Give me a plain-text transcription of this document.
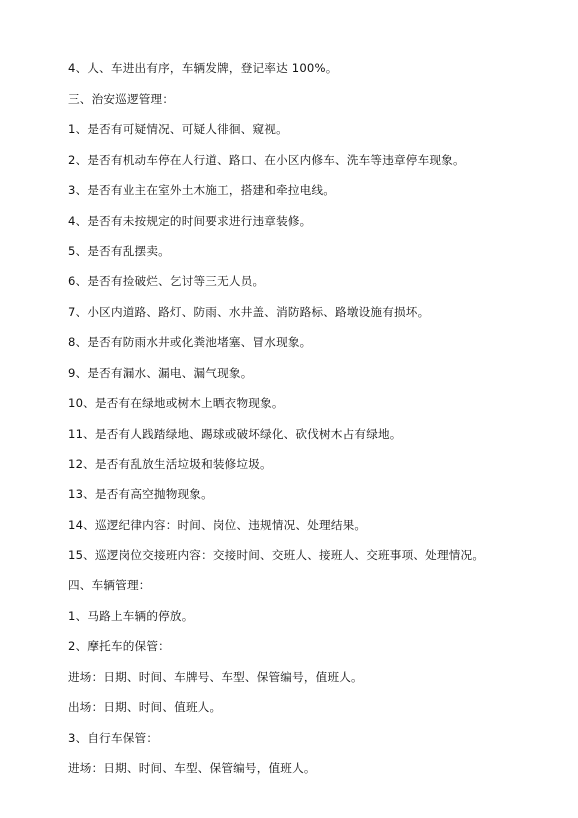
4、人、车进出有序，车辆发牌，登记率达 100%。
三、治安巡逻管理：
1、是否有可疑情况、可疑人徘徊、窥视。
2、是否有机动车停在人行道、路口、在小区内修车、洗车等违章停车现象。
3、是否有业主在室外土木施工，搭建和牵拉电线。
4、是否有未按规定的时间要求进行违章装修。
5、是否有乱摆卖。
6、是否有捡破烂、乞讨等三无人员。
7、小区内道路、路灯、防雨、水井盖、消防路标、路墩设施有损坏。
8、是否有防雨水井或化粪池堵塞、冒水现象。
9、是否有漏水、漏电、漏气现象。
10、是否有在绿地或树木上晒衣物现象。
11、是否有人践踏绿地、踢球或破坏绿化、砍伐树木占有绿地。
12、是否有乱放生活垃圾和装修垃圾。
13、是否有高空抛物现象。
14、巡逻纪律内容：时间、岗位、违规情况、处理结果。
15、巡逻岗位交接班内容：交接时间、交班人、接班人、交班事项、处理情况。
四、车辆管理：
1、马路上车辆的停放。
2、摩托车的保管：
进场：日期、时间、车牌号、车型、保管编号，值班人。
出场：日期、时间、值班人。
3、自行车保管：
进场：日期、时间、车型、保管编号，值班人。
